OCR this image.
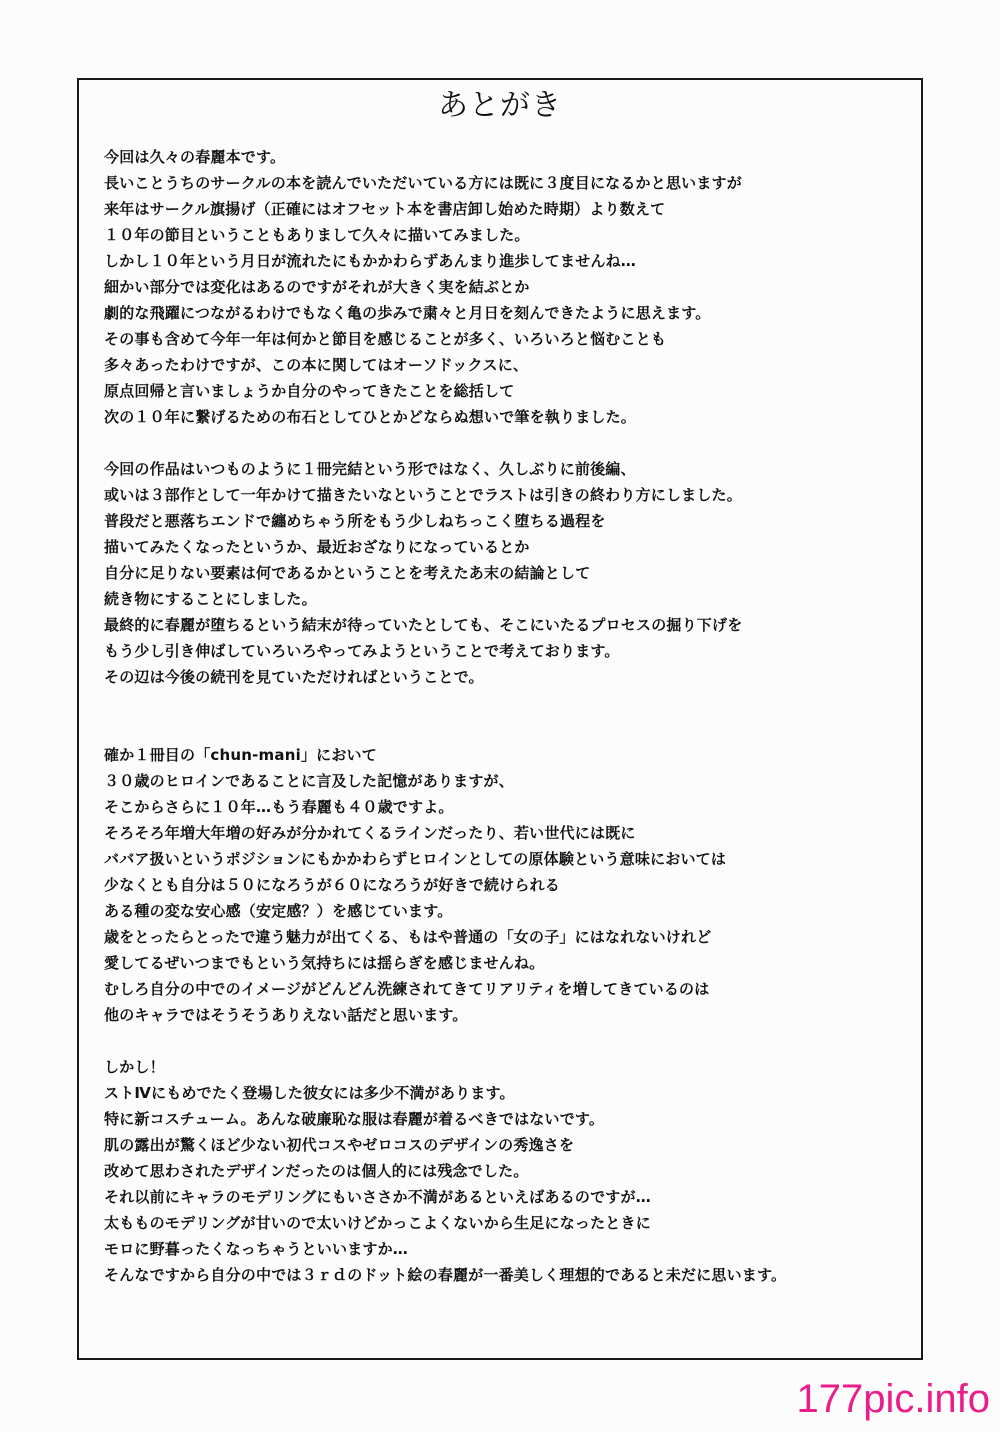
あとがき
今回は久々の春麗本です。
長いことうちのサークルの本を読んでいただいている方には既に３度目になるかと思いますが
来年はサークル旗揚げ（正確にはオフセット本を書店卸し始めた時期）より数えて
１０年の節目ということもありまして久々に描いてみました。
しかし１０年という月日が流れたにもかかわらずあんまり進歩してませんね…
細かい部分では変化はあるのですがそれが大きく実を結ぶとか
劇的な飛躍につながるわけでもなく亀の歩みで粛々と月日を刻んできたように思えます。
その事も含めて今年一年は何かと節目を感じることが多く、いろいろと悩むことも
多々あったわけですが、この本に関してはオーソドックスに、
原点回帰と言いましょうか自分のやってきたことを総括して
次の１０年に繋げるための布石としてひとかどならぬ想いで筆を執りました。
今回の作品はいつものように１冊完結という形ではなく、久しぶりに前後編、
或いは３部作として一年かけて描きたいなということでラストは引きの終わり方にしました。
普段だと悪落ちエンドで纏めちゃう所をもう少しねちっこく堕ちる過程を
描いてみたくなったというか、最近おざなりになっているとか
自分に足りない要素は何であるかということを考えたあ末の結論として
続き物にすることにしました。
最終的に春麗が堕ちるという結末が待っていたとしても、そこにいたるプロセスの掘り下げを
もう少し引き伸ばしていろいろやってみようということで考えております。
その辺は今後の続刊を見ていただければということで。
確か１冊目の「chun-mani」において
３０歳のヒロインであることに言及した記憶がありますが、
そこからさらに１０年…もう春麗も４０歳ですよ。
そろそろ年増大年増の好みが分かれてくるラインだったり、若い世代には既に
ババア扱いというポジションにもかかわらずヒロインとしての原体験という意味においては
少なくとも自分は５０になろうが６０になろうが好きで続けられる
ある種の変な安心感（安定感？）を感じています。
歳をとったらとったで違う魅力が出てくる、もはや普通の「女の子」にはなれないけれど
愛してるぜいつまでもという気持ちには揺らぎを感じませんね。
むしろ自分の中でのイメージがどんどん洗練されてきてリアリティを増してきているのは
他のキャラではそうそうありえない話だと思います。
しかし！
ストⅣにもめでたく登場した彼女には多少不満があります。
特に新コスチューム。あんな破廉恥な服は春麗が着るべきではないです。
肌の露出が驚くほど少ない初代コスやゼロコスのデザインの秀逸さを
改めて思わされたデザインだったのは個人的には残念でした。
それ以前にキャラのモデリングにもいささか不満があるといえばあるのですが…
太もものモデリングが甘いので太いけどかっこよくないから生足になったときに
モロに野暮ったくなっちゃうといいますか…
そんなですから自分の中では３ｒｄのドット絵の春麗が一番美しく理想的であると未だに思います。
177pic.info
